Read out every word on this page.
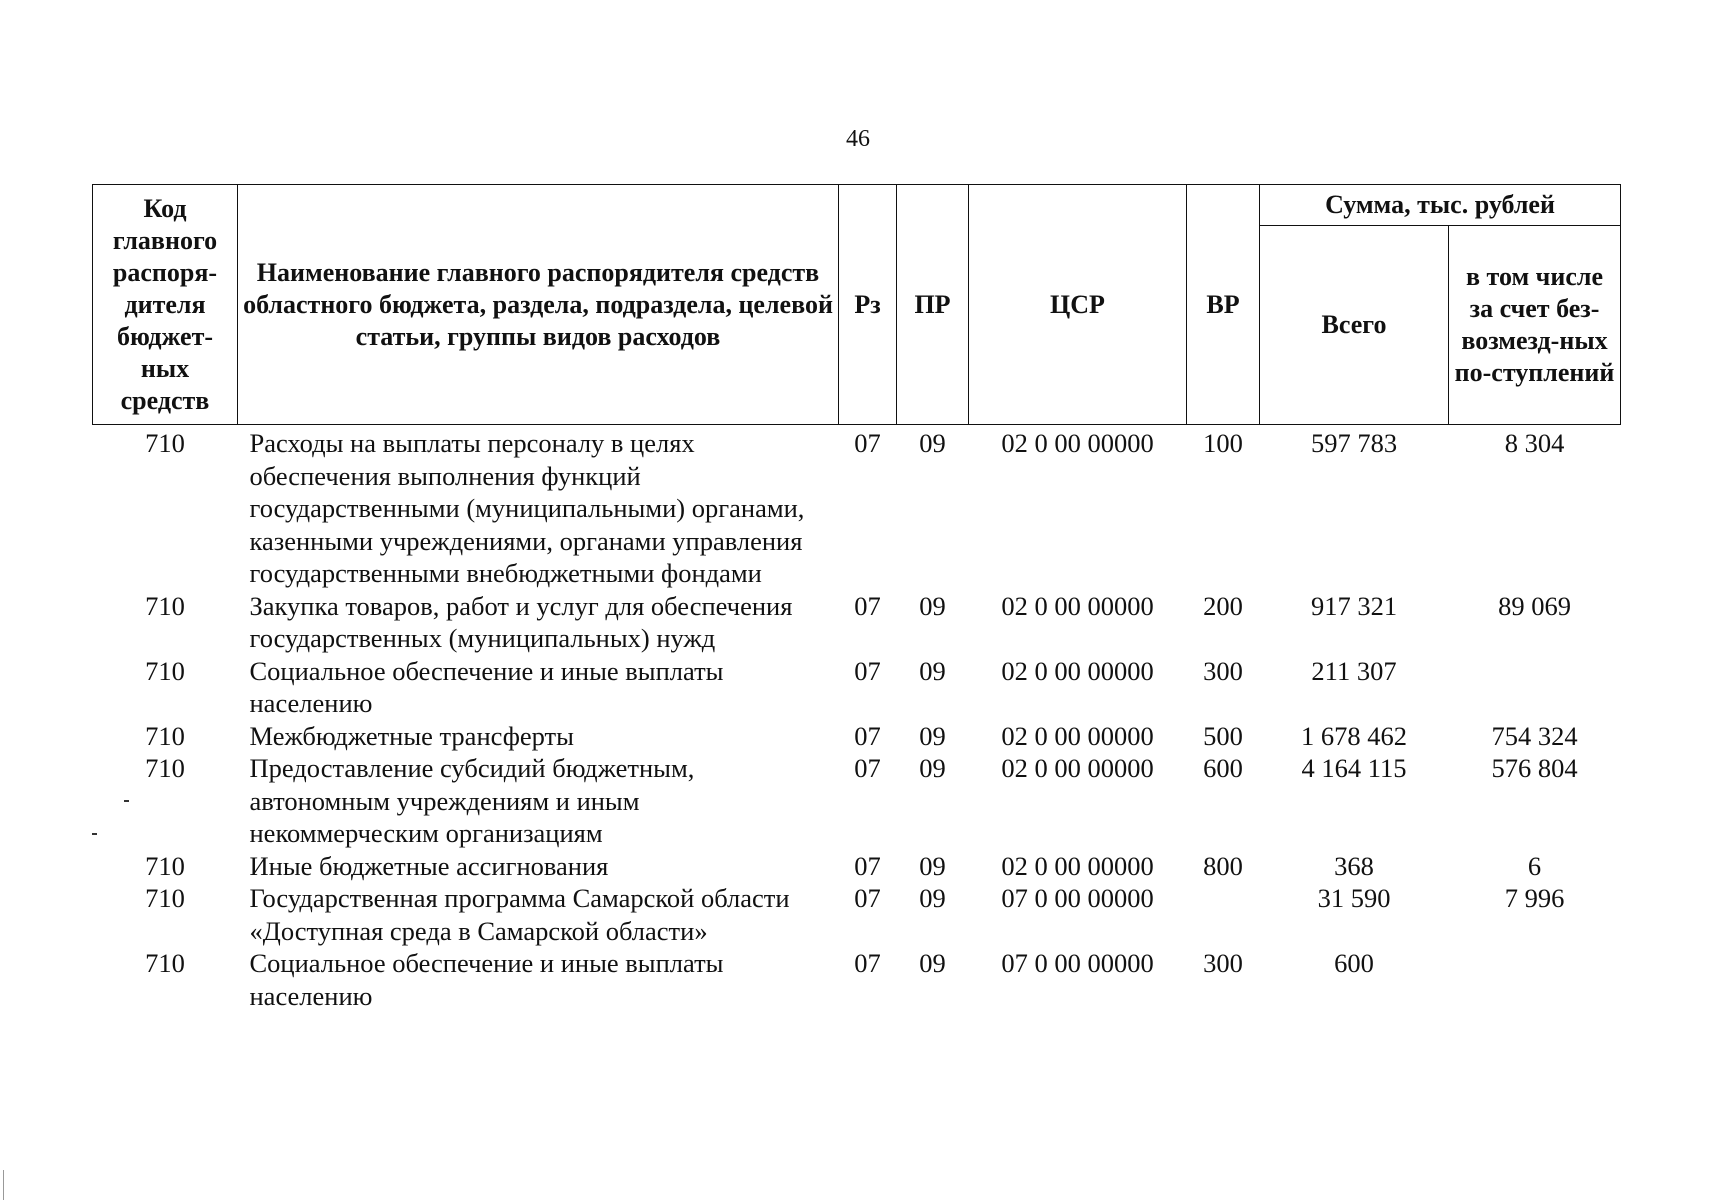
46
Код главного распоря-дителя бюджет-ных средств	Наименование главного распорядителя средств областного бюджета, раздела, подраздела, целевой статьи, группы видов расходов	Рз	ПР	ЦСР	ВР	Сумма, тыс. рублей	
						Всего	в том числе за счет без-возмезд-ных по-ступлений
710	Расходы на выплаты персоналу в целях обеспечения выполнения функций государственными (муниципальными) органами, казенными учреждениями, органами управления государственными внебюджетными фондами	07	09	02 0 00 00000	100	597 783	8 304
710	Закупка товаров, работ и услуг для обеспечения государственных (муниципальных) нужд	07	09	02 0 00 00000	200	917 321	89 069
710	Социальное обеспечение и иные выплаты населению	07	09	02 0 00 00000	300	211 307	
710	Межбюджетные трансферты	07	09	02 0 00 00000	500	1 678 462	754 324
710	Предоставление субсидий бюджетным, автономным учреждениям и иным некоммерческим организациям	07	09	02 0 00 00000	600	4 164 115	576 804
710	Иные бюджетные ассигнования	07	09	02 0 00 00000	800	368	6
710	Государственная программа Самарской области «Доступная среда в Самарской области»	07	09	07 0 00 00000		31 590	7 996
710	Социальное обеспечение и иные выплаты населению	07	09	07 0 00 00000	300	600	
